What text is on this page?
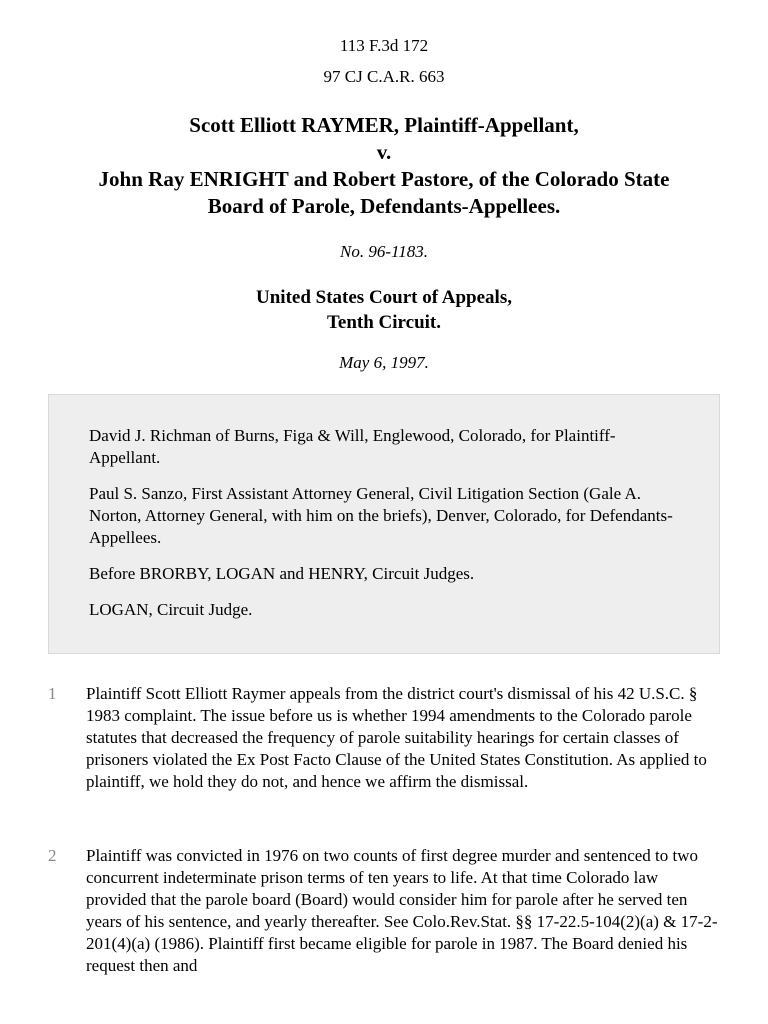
113 F.3d 172
97 CJ C.A.R. 663
Scott Elliott RAYMER, Plaintiff-Appellant,
v.
John Ray ENRIGHT and Robert Pastore, of the Colorado State
Board of Parole, Defendants-Appellees.
No. 96-1183.
United States Court of Appeals,
Tenth Circuit.
May 6, 1997.

David J. Richman of Burns, Figa & Will, Englewood, Colorado, for Plaintiff-Appellant.

Paul S. Sanzo, First Assistant Attorney General, Civil Litigation Section (Gale A. Norton, Attorney General, with him on the briefs), Denver, Colorado, for Defendants-Appellees.

Before BRORBY, LOGAN and HENRY, Circuit Judges.

LOGAN, Circuit Judge.

1 Plaintiff Scott Elliott Raymer appeals from the district court's dismissal of his 42 U.S.C. § 1983 complaint. The issue before us is whether 1994 amendments to the Colorado parole statutes that decreased the frequency of parole suitability hearings for certain classes of prisoners violated the Ex Post Facto Clause of the United States Constitution. As applied to plaintiff, we hold they do not, and hence we affirm the dismissal.
2 Plaintiff was convicted in 1976 on two counts of first degree murder and sentenced to two concurrent indeterminate prison terms of ten years to life. At that time Colorado law provided that the parole board (Board) would consider him for parole after he served ten years of his sentence, and yearly thereafter. See Colo.Rev.Stat. §§ 17-22.5-104(2)(a) & 17-2-201(4)(a) (1986). Plaintiff first became eligible for parole in 1987. The Board denied his request then and
